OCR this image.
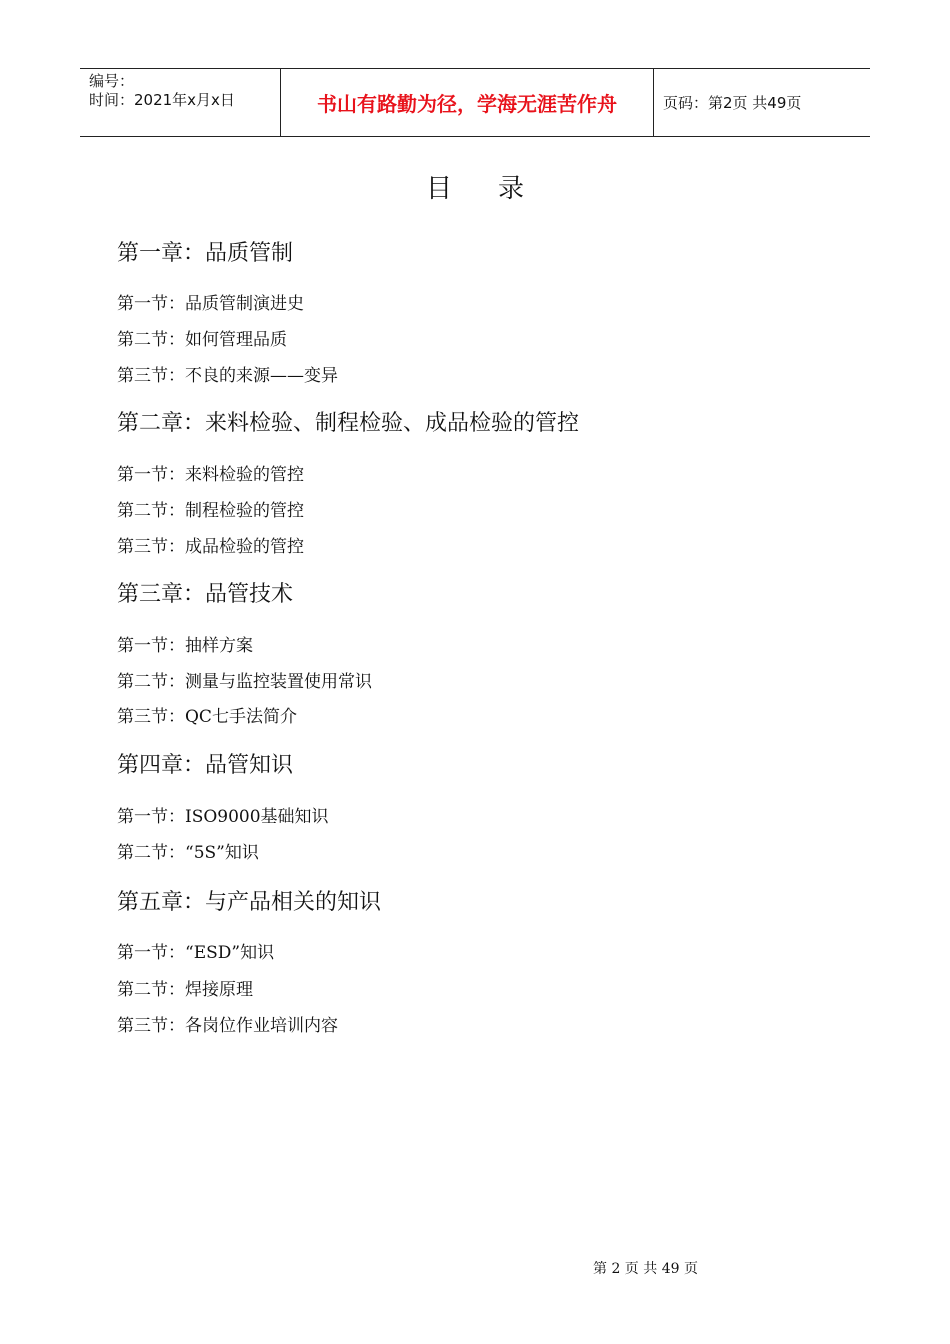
编号：
时间：2021年x月x日	书山有路勤为径，学海无涯苦作舟	页码：第2页 共49页
目 录
第一章：品质管制
第一节：品质管制演进史
第二节：如何管理品质
第三节：不良的来源——变异
第二章：来料检验、制程检验、成品检验的管控
第一节：来料检验的管控
第二节：制程检验的管控
第三节：成品检验的管控
第三章：品管技术
第一节：抽样方案
第二节：测量与监控装置使用常识
第三节：QC七手法简介
第四章：品管知识
第一节：ISO9000基础知识
第二节：“5S”知识
第五章：与产品相关的知识
第一节：“ESD”知识
第二节：焊接原理
第三节：各岗位作业培训内容
第 2 页 共 49 页
